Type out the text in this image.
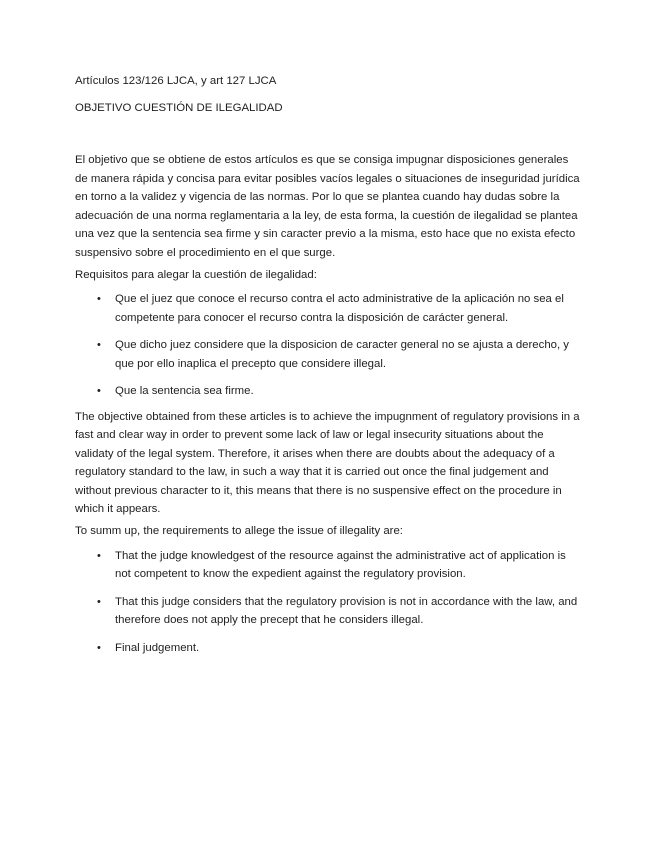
Artículos 123/126 LJCA, y art 127 LJCA

OBJETIVO CUESTIÓN DE ILEGALIDAD

El objetivo que se obtiene de estos artículos es que se consiga impugnar disposiciones generales de manera rápida y concisa para evitar posibles vacíos legales o situaciones de inseguridad jurídica en torno a la validez y vigencia de las normas. Por lo que se plantea cuando hay dudas sobre la adecuación de una norma reglamentaria a la ley, de esta forma, la cuestión de ilegalidad se plantea una vez que la sentencia sea firme y sin caracter previo a la misma, esto hace que no exista efecto suspensivo sobre el procedimiento en el que surge.

Requisitos para alegar la cuestión de ilegalidad:

• Que el juez que conoce el recurso contra el acto administrative de la aplicación no sea el competente para conocer el recurso contra la disposición de carácter general.
• Que dicho juez considere que la disposicion de caracter general no se ajusta a derecho, y que por ello inaplica el precepto que considere illegal.
• Que la sentencia sea firme.

The objective obtained from these articles is to achieve the impugnment of regulatory provisions in a fast and clear way in order to prevent some lack of law or legal insecurity situations about the validaty of the legal system. Therefore, it arises when there are doubts about the adequacy of a regulatory standard to the law, in such a way that it is carried out once the final judgement and without previous character to it, this means that there is no suspensive effect on the procedure in which it appears.

To summ up, the requirements to allege the issue of illegality are:

• That the judge knowledgest of the resource against the administrative act of application is not competent to know the expedient against the regulatory provision.
• That this judge considers that the regulatory provision is not in accordance with the law, and therefore does not apply the precept that he considers illegal.
• Final judgement.
